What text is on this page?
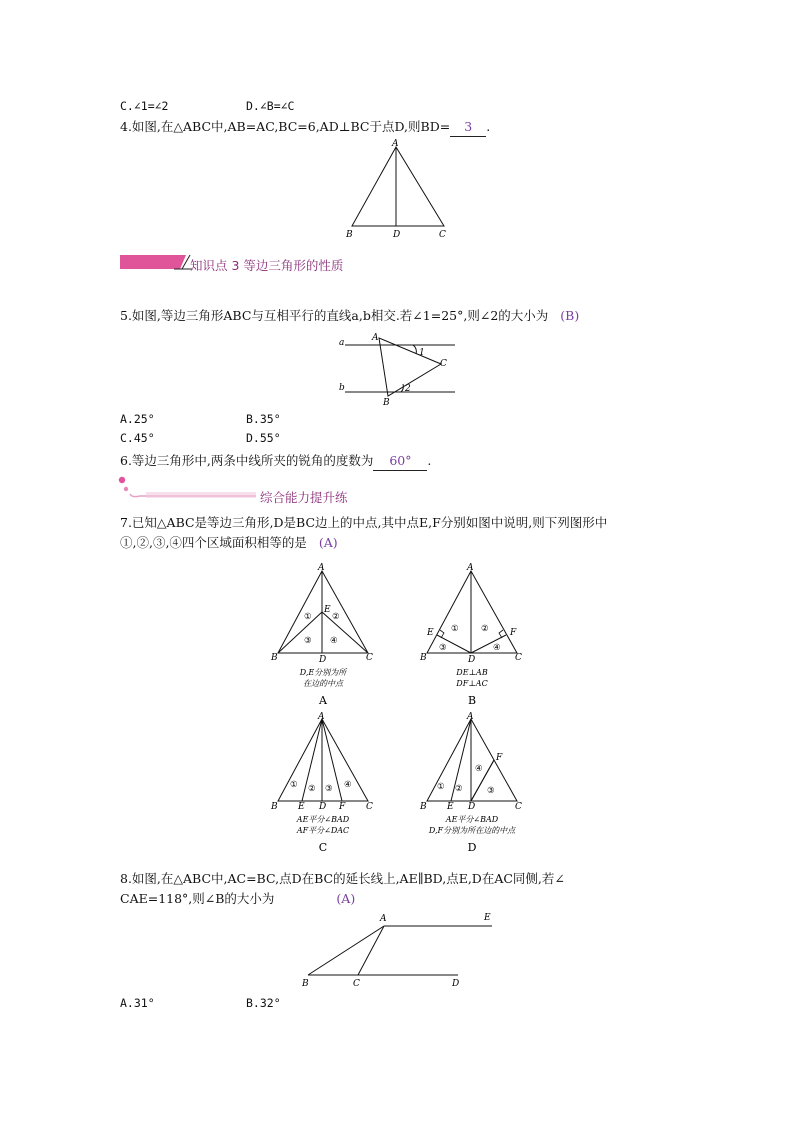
C.∠1=∠2	D.∠B=∠C
4.如图,在△ABC中,AB=AC,BC=6,AD⊥BC于点D,则BD= 3 .
A
B	D	C
知识点 3 等边三角形的性质
5.如图,等边三角形ABC与互相平行的直线a,b相交.若∠1=25°,则∠2的大小为 (B)
a
b
A
C
B
1
2
A.25°	B.35°
C.45°	D.55°
6.等边三角形中,两条中线所夹的锐角的度数为 60° .
综合能力提升练
7.已知△ABC是等边三角形,D是BC边上的中点,其中点E,F分别如图中说明,则下列图形中
①,②,③,④四个区域面积相等的是 (A)
A
B	D	C
E
① ②
③ ④
D,E分别为所
在边的中点
A
A
B	D	C
E	F
①	②
③	④
DE⊥AB
DF⊥AC
B
A
B E D F C
① ② ③ ④
AE平分∠BAD
AF平分∠DAC
C
A
B E D	C
F
① ②
④
③
AE平分∠BAD
D,F分别为所在边的中点
D
8.如图,在△ABC中,AC=BC,点D在BC的延长线上,AE∥BD,点E,D在AC同侧,若∠
CAE=118°,则∠B的大小为	(A)
A	E
B	C	D
A.31°	B.32°
